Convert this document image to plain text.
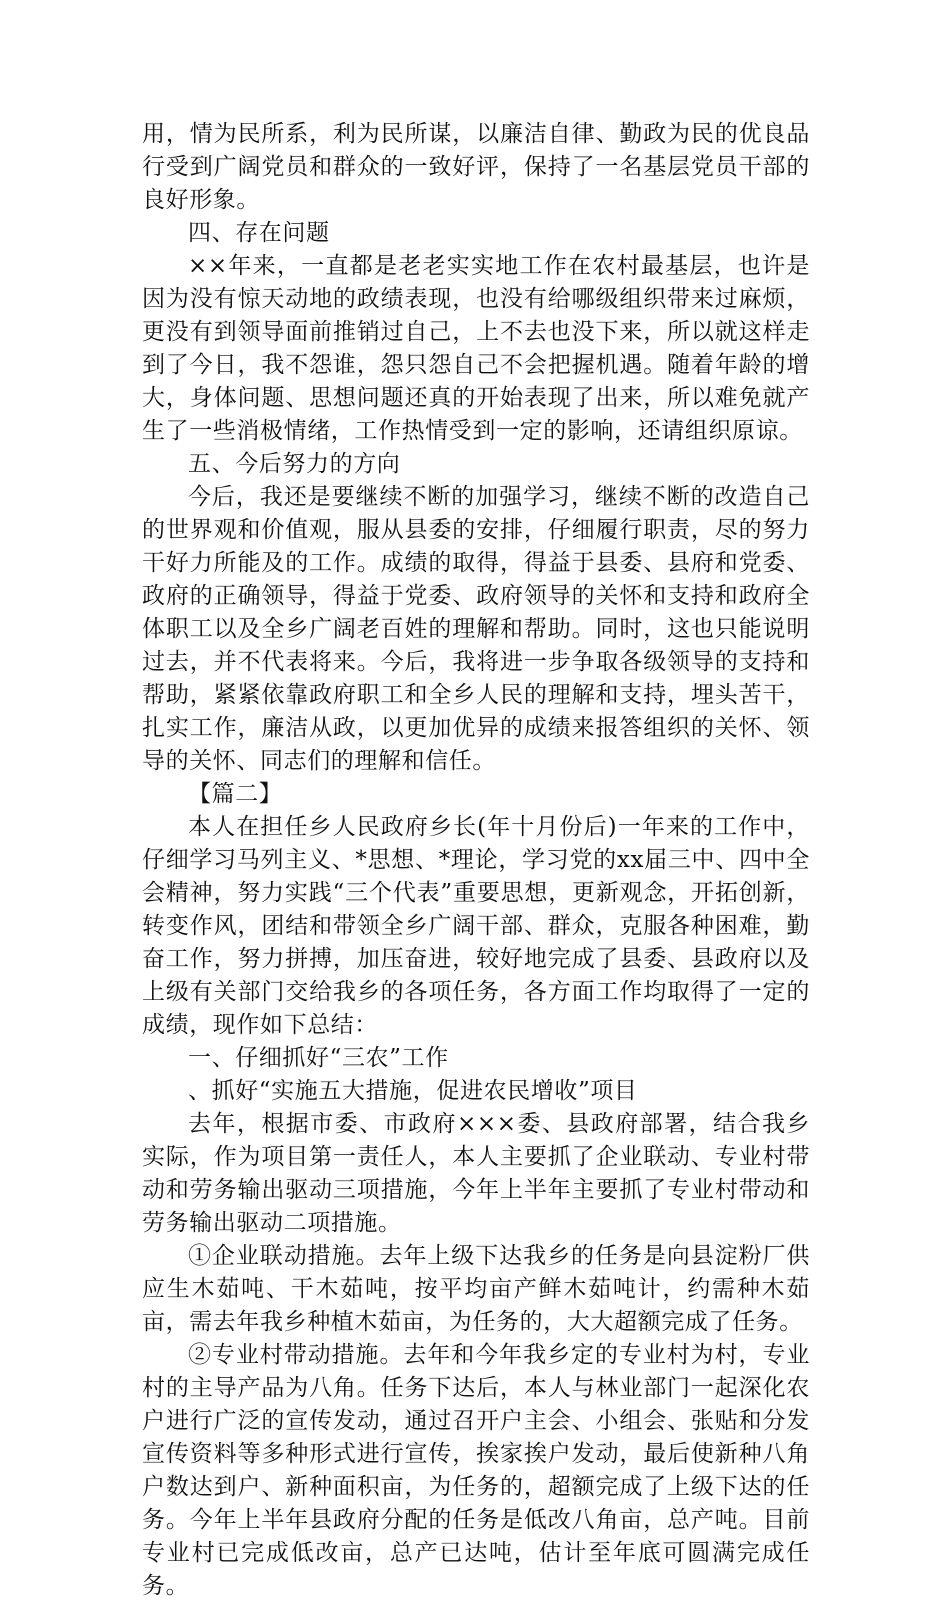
用，情为民所系，利为民所谋，以廉洁自律、勤政为民的优良品行受到广阔党员和群众的一致好评，保持了一名基层党员干部的良好形象。

四、存在问题

××年来，一直都是老老实实地工作在农村最基层，也许是因为没有惊天动地的政绩表现，也没有给哪级组织带来过麻烦，更没有到领导面前推销过自己，上不去也没下来，所以就这样走到了今日，我不怨谁，怨只怨自己不会把握机遇。随着年龄的增大，身体问题、思想问题还真的开始表现了出来，所以难免就产生了一些消极情绪，工作热情受到一定的影响，还请组织原谅。

五、今后努力的方向

今后，我还是要继续不断的加强学习，继续不断的改造自己的世界观和价值观，服从县委的安排，仔细履行职责，尽的努力干好力所能及的工作。成绩的取得，得益于县委、县府和党委、政府的正确领导，得益于党委、政府领导的关怀和支持和政府全体职工以及全乡广阔老百姓的理解和帮助。同时，这也只能说明过去，并不代表将来。今后，我将进一步争取各级领导的支持和帮助，紧紧依靠政府职工和全乡人民的理解和支持，埋头苦干，扎实工作，廉洁从政，以更加优异的成绩来报答组织的关怀、领导的关怀、同志们的理解和信任。

【篇二】

本人在担任乡人民政府乡长(年十月份后)一年来的工作中，仔细学习马列主义、*思想、*理论，学习党的xx届三中、四中全会精神，努力实践“三个代表”重要思想，更新观念，开拓创新，转变作风，团结和带领全乡广阔干部、群众，克服各种困难，勤奋工作，努力拼搏，加压奋进，较好地完成了县委、县政府以及上级有关部门交给我乡的各项任务，各方面工作均取得了一定的成绩，现作如下总结：

一、仔细抓好“三农”工作

、抓好“实施五大措施，促进农民增收”项目

去年，根据市委、市政府×××委、县政府部署，结合我乡实际，作为项目第一责任人，本人主要抓了企业联动、专业村带动和劳务输出驱动三项措施，今年上半年主要抓了专业村带动和劳务输出驱动二项措施。

①企业联动措施。去年上级下达我乡的任务是向县淀粉厂供应生木茹吨、干木茹吨，按平均亩产鲜木茹吨计，约需种木茹亩，需去年我乡种植木茹亩，为任务的，大大超额完成了任务。

②专业村带动措施。去年和今年我乡定的专业村为村，专业村的主导产品为八角。任务下达后，本人与林业部门一起深化农户进行广泛的宣传发动，通过召开户主会、小组会、张贴和分发宣传资料等多种形式进行宣传，挨家挨户发动，最后使新种八角户数达到户、新种面积亩，为任务的，超额完成了上级下达的任务。今年上半年县政府分配的任务是低改八角亩，总产吨。目前专业村已完成低改亩，总产已达吨，估计至年底可圆满完成任务。
